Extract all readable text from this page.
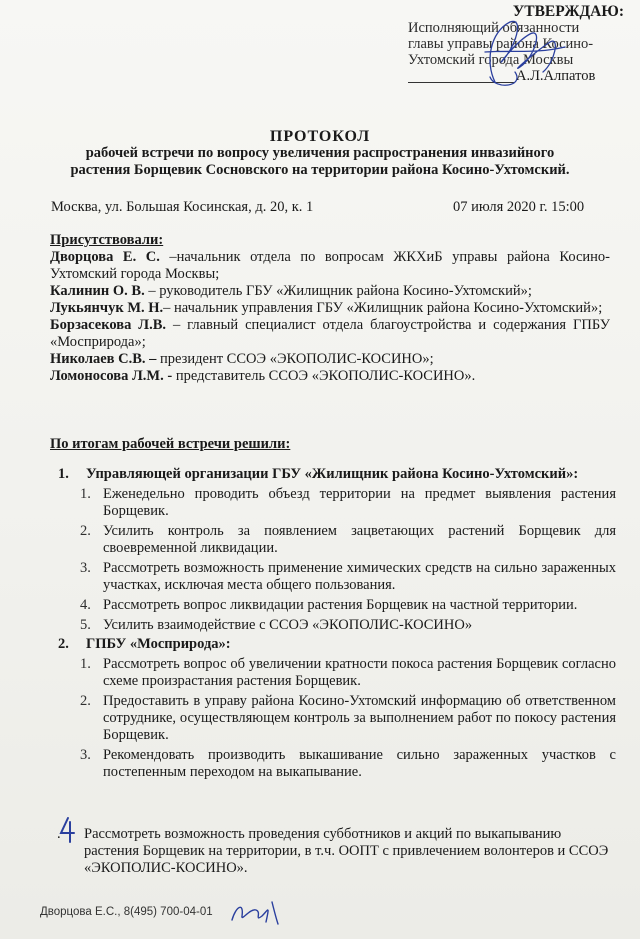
УТВЕРЖДАЮ:
Исполняющий обязанности
главы управы района Косино-
Ухтомский города Москвы
А.Л.Алпатов
ПРОТОКОЛ
рабочей встречи по вопросу увеличения распространения инвазийного
растения Борщевик Сосновского на территории района Косино-Ухтомский.
Москва, ул. Большая Косинская, д. 20, к. 1	07 июля 2020 г. 15:00
Присутствовали:

Дворцова Е. С. –начальник отдела по вопросам ЖКХиБ управы района Косино-Ухтомский города Москвы;

Калинин О. В. – руководитель ГБУ «Жилищник района Косино-Ухтомский»;

Лукьянчук М. Н.– начальник управления ГБУ «Жилищник района Косино-Ухтомский»;

Борзасекова Л.В. – главный специалист отдела благоустройства и содержания ГПБУ «Мосприрода»;

Николаев С.В. – президент ССОЭ «ЭКОПОЛИС-КОСИНО»;

Ломоносова Л.М. - представитель ССОЭ «ЭКОПОЛИС-КОСИНО».

По итогам рабочей встречи решили:
1.	Управляющей организации ГБУ «Жилищник района Косино-Ухтомский»:
1. Еженедельно проводить объезд территории на предмет выявления растения Борщевик.
2. Усилить контроль за появлением зацветающих растений Борщевик для своевременной ликвидации.
3. Рассмотреть возможность применение химических средств на сильно зараженных участках, исключая места общего пользования.
4. Рассмотреть вопрос ликвидации растения Борщевик на частной территории.
5. Усилить взаимодействие с ССОЭ «ЭКОПОЛИС-КОСИНО»
2.	ГПБУ «Мосприрода»:
1. Рассмотреть вопрос об увеличении кратности покоса растения Борщевик согласно схеме произрастания растения Борщевик.
2. Предоставить в управу района Косино-Ухтомский информацию об ответственном сотруднике, осуществляющем контроль за выполнением работ по покосу растения Борщевик.
3. Рекомендовать производить выкашивание сильно зараженных участков с постепенным переходом на выкапывание.
.	Рассмотреть возможность проведения субботников и акций по выкапыванию растения Борщевик на территории, в т.ч. ООПТ с привлечением волонтеров и ССОЭ «ЭКОПОЛИС-КОСИНО».
Дворцова Е.С., 8(495) 700-04-01
